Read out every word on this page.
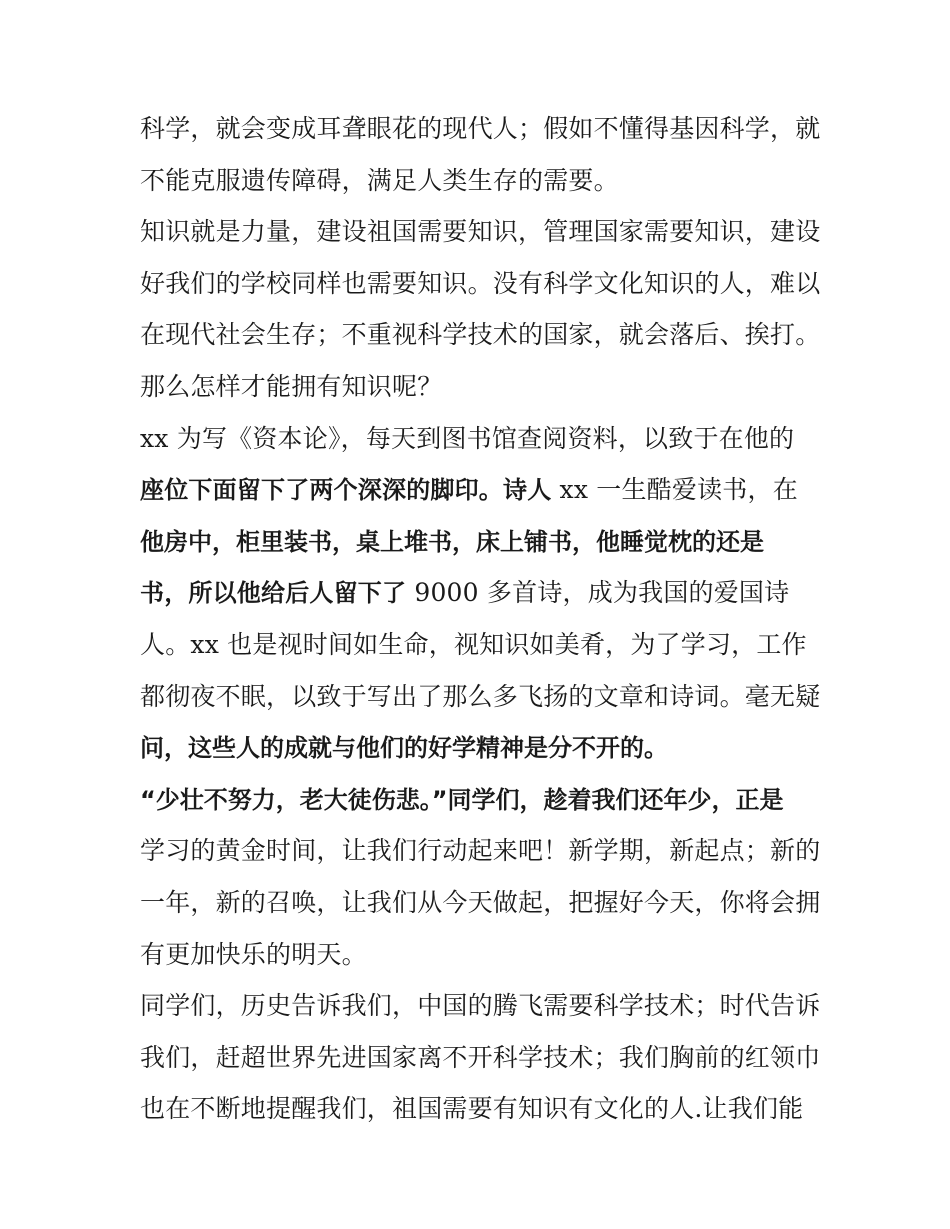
科学，就会变成耳聋眼花的现代人；假如不懂得基因科学，就
不能克服遗传障碍，满足人类生存的需要。
知识就是力量，建设祖国需要知识，管理国家需要知识，建设
好我们的学校同样也需要知识。没有科学文化知识的人，难以
在现代社会生存；不重视科学技术的国家，就会落后、挨打。
那么怎样才能拥有知识呢？
xx 为写《资本论》，每天到图书馆查阅资料，以致于在他的
座位下面留下了两个深深的脚印。诗人 xx 一生酷爱读书，在
他房中，柜里装书，桌上堆书，床上铺书，他睡觉枕的还是
书，所以他给后人留下了 9000 多首诗，成为我国的爱国诗
人。xx 也是视时间如生命，视知识如美肴，为了学习，工作
都彻夜不眠，以致于写出了那么多飞扬的文章和诗词。毫无疑
问，这些人的成就与他们的好学精神是分不开的。
“少壮不努力，老大徒伤悲。”同学们，趁着我们还年少，正是
学习的黄金时间，让我们行动起来吧！新学期，新起点；新的
一年，新的召唤，让我们从今天做起，把握好今天，你将会拥
有更加快乐的明天。
同学们，历史告诉我们，中国的腾飞需要科学技术；时代告诉
我们，赶超世界先进国家离不开科学技术；我们胸前的红领巾
也在不断地提醒我们，祖国需要有知识有文化的人.让我们能
